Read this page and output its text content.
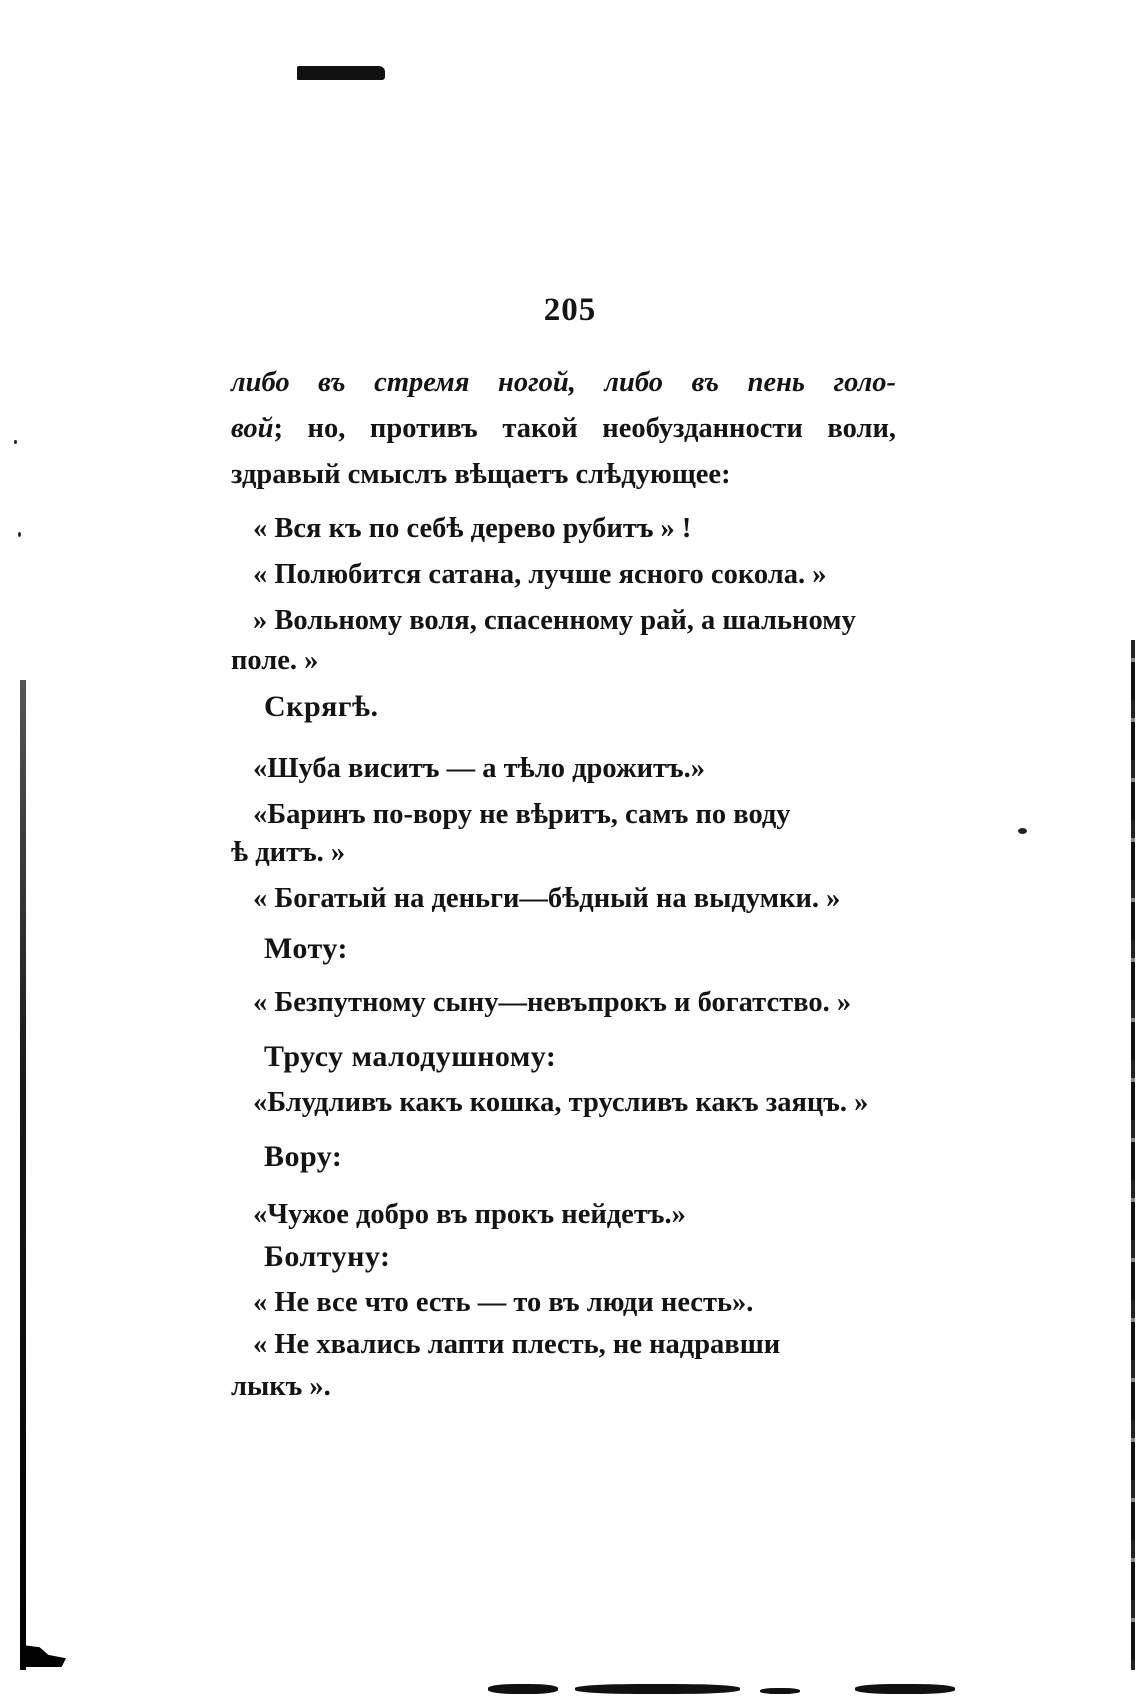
205
либо въ стремя ногой, либо въ пень голо-
вой; но, противъ такой необузданности воли,
здравый смыслъ вѣщаетъ слѣдующее:
« Вся къ по себѣ дерево рубитъ » !
« Полюбится сатана, лучше ясного сокола. »
» Вольному воля, спасенному рай, а шальному
поле. »
Скрягѣ.
«Шуба виситъ — а тѣло дрожитъ.»
«Баринъ по-вору не вѣритъ, самъ по воду
ѣ дитъ. »
« Богатый на деньги—бѣдный на выдумки. »
Моту:
« Безпутному сыну—невъпрокъ и богатство. »
Трусу малодушному:
«Блудливъ какъ кошка, трусливъ какъ заяцъ. »
Вору:
«Чужое добро въ прокъ нейдетъ.»
Болтуну:
« Не все что есть — то въ люди несть».
« Не хвались лапти плесть, не надравши
лыкъ ».
